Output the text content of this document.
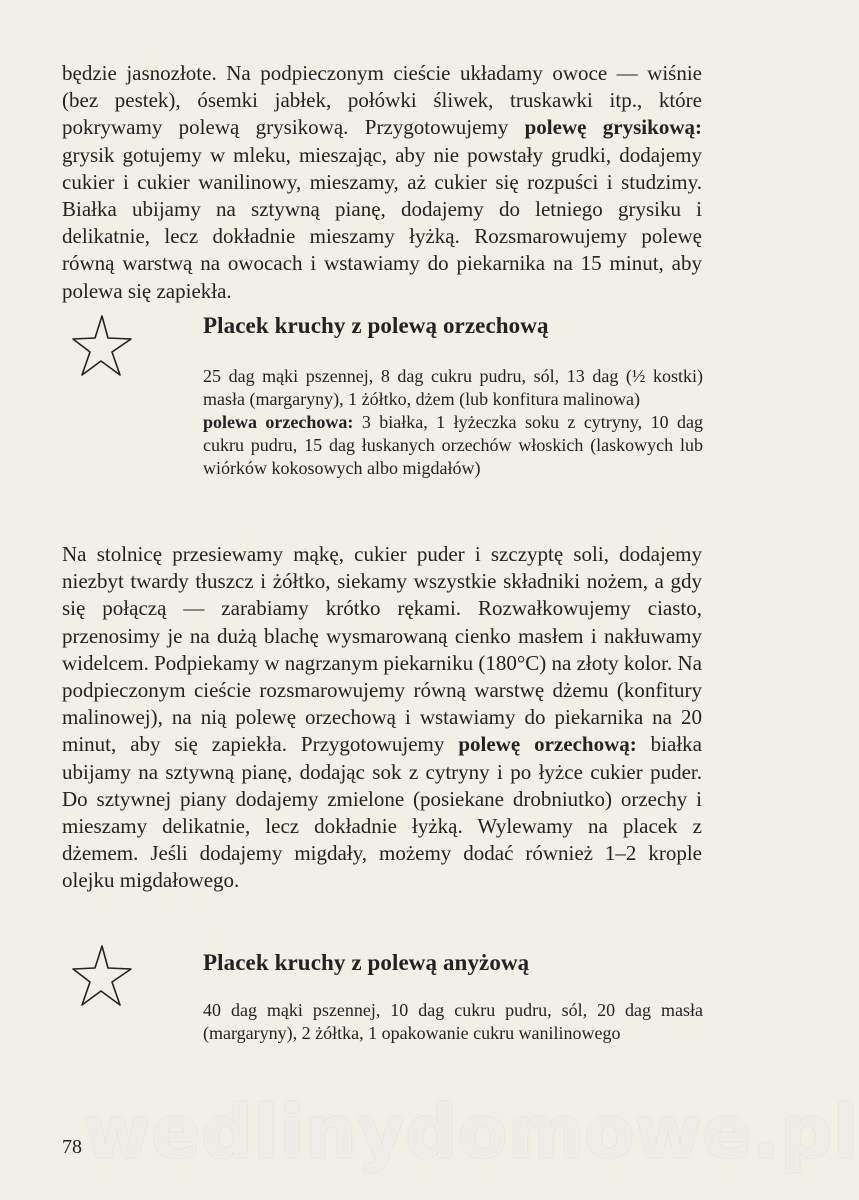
będzie jasnozłote. Na podpieczonym cieście układamy owoce — wiśnie (bez pestek), ósemki jabłek, połówki śliwek, truskawki itp., które pokrywamy polewą grysikową. Przygotowujemy polewę grysikową: grysik gotujemy w mleku, mieszając, aby nie powstały grudki, dodajemy cukier i cukier wanilinowy, mieszamy, aż cukier się rozpuści i studzimy. Białka ubijamy na sztywną pianę, dodajemy do letniego grysiku i delikatnie, lecz dokładnie mieszamy łyżką. Rozsmarowujemy polewę równą warstwą na owocach i wstawiamy do piekarnika na 15 minut, aby polewa się zapiekła.

Placek kruchy z polewą orzechową

25 dag mąki pszennej, 8 dag cukru pudru, sól, 13 dag (½ kostki) masła (margaryny), 1 żółtko, dżem (lub konfitura malinowa)
polewa orzechowa: 3 białka, 1 łyżeczka soku z cytryny, 10 dag cukru pudru, 15 dag łuskanych orzechów włoskich (laskowych lub wiórków kokosowych albo migdałów)

Na stolnicę przesiewamy mąkę, cukier puder i szczyptę soli, dodajemy niezbyt twardy tłuszcz i żółtko, siekamy wszystkie składniki nożem, a gdy się połączą — zarabiamy krótko rękami. Rozwałkowujemy ciasto, przenosimy je na dużą blachę wysmarowaną cienko masłem i nakłuwamy widelcem. Podpiekamy w nagrzanym piekarniku (180°C) na złoty kolor. Na podpieczonym cieście rozsmarowujemy równą warstwę dżemu (konfitury malinowej), na nią polewę orzechową i wstawiamy do piekarnika na 20 minut, aby się zapiekła. Przygotowujemy polewę orzechową: białka ubijamy na sztywną pianę, dodając sok z cytryny i po łyżce cukier puder. Do sztywnej piany dodajemy zmielone (posiekane drobniutko) orzechy i mieszamy delikatnie, lecz dokładnie łyżką. Wylewamy na placek z dżemem. Jeśli dodajemy migdały, możemy dodać również 1–2 krople olejku migdałowego.

Placek kruchy z polewą anyżową

40 dag mąki pszennej, 10 dag cukru pudru, sól, 20 dag masła (margaryny), 2 żółtka, 1 opakowanie cukru wanilinowego

wedlinydomowe.pl
78
